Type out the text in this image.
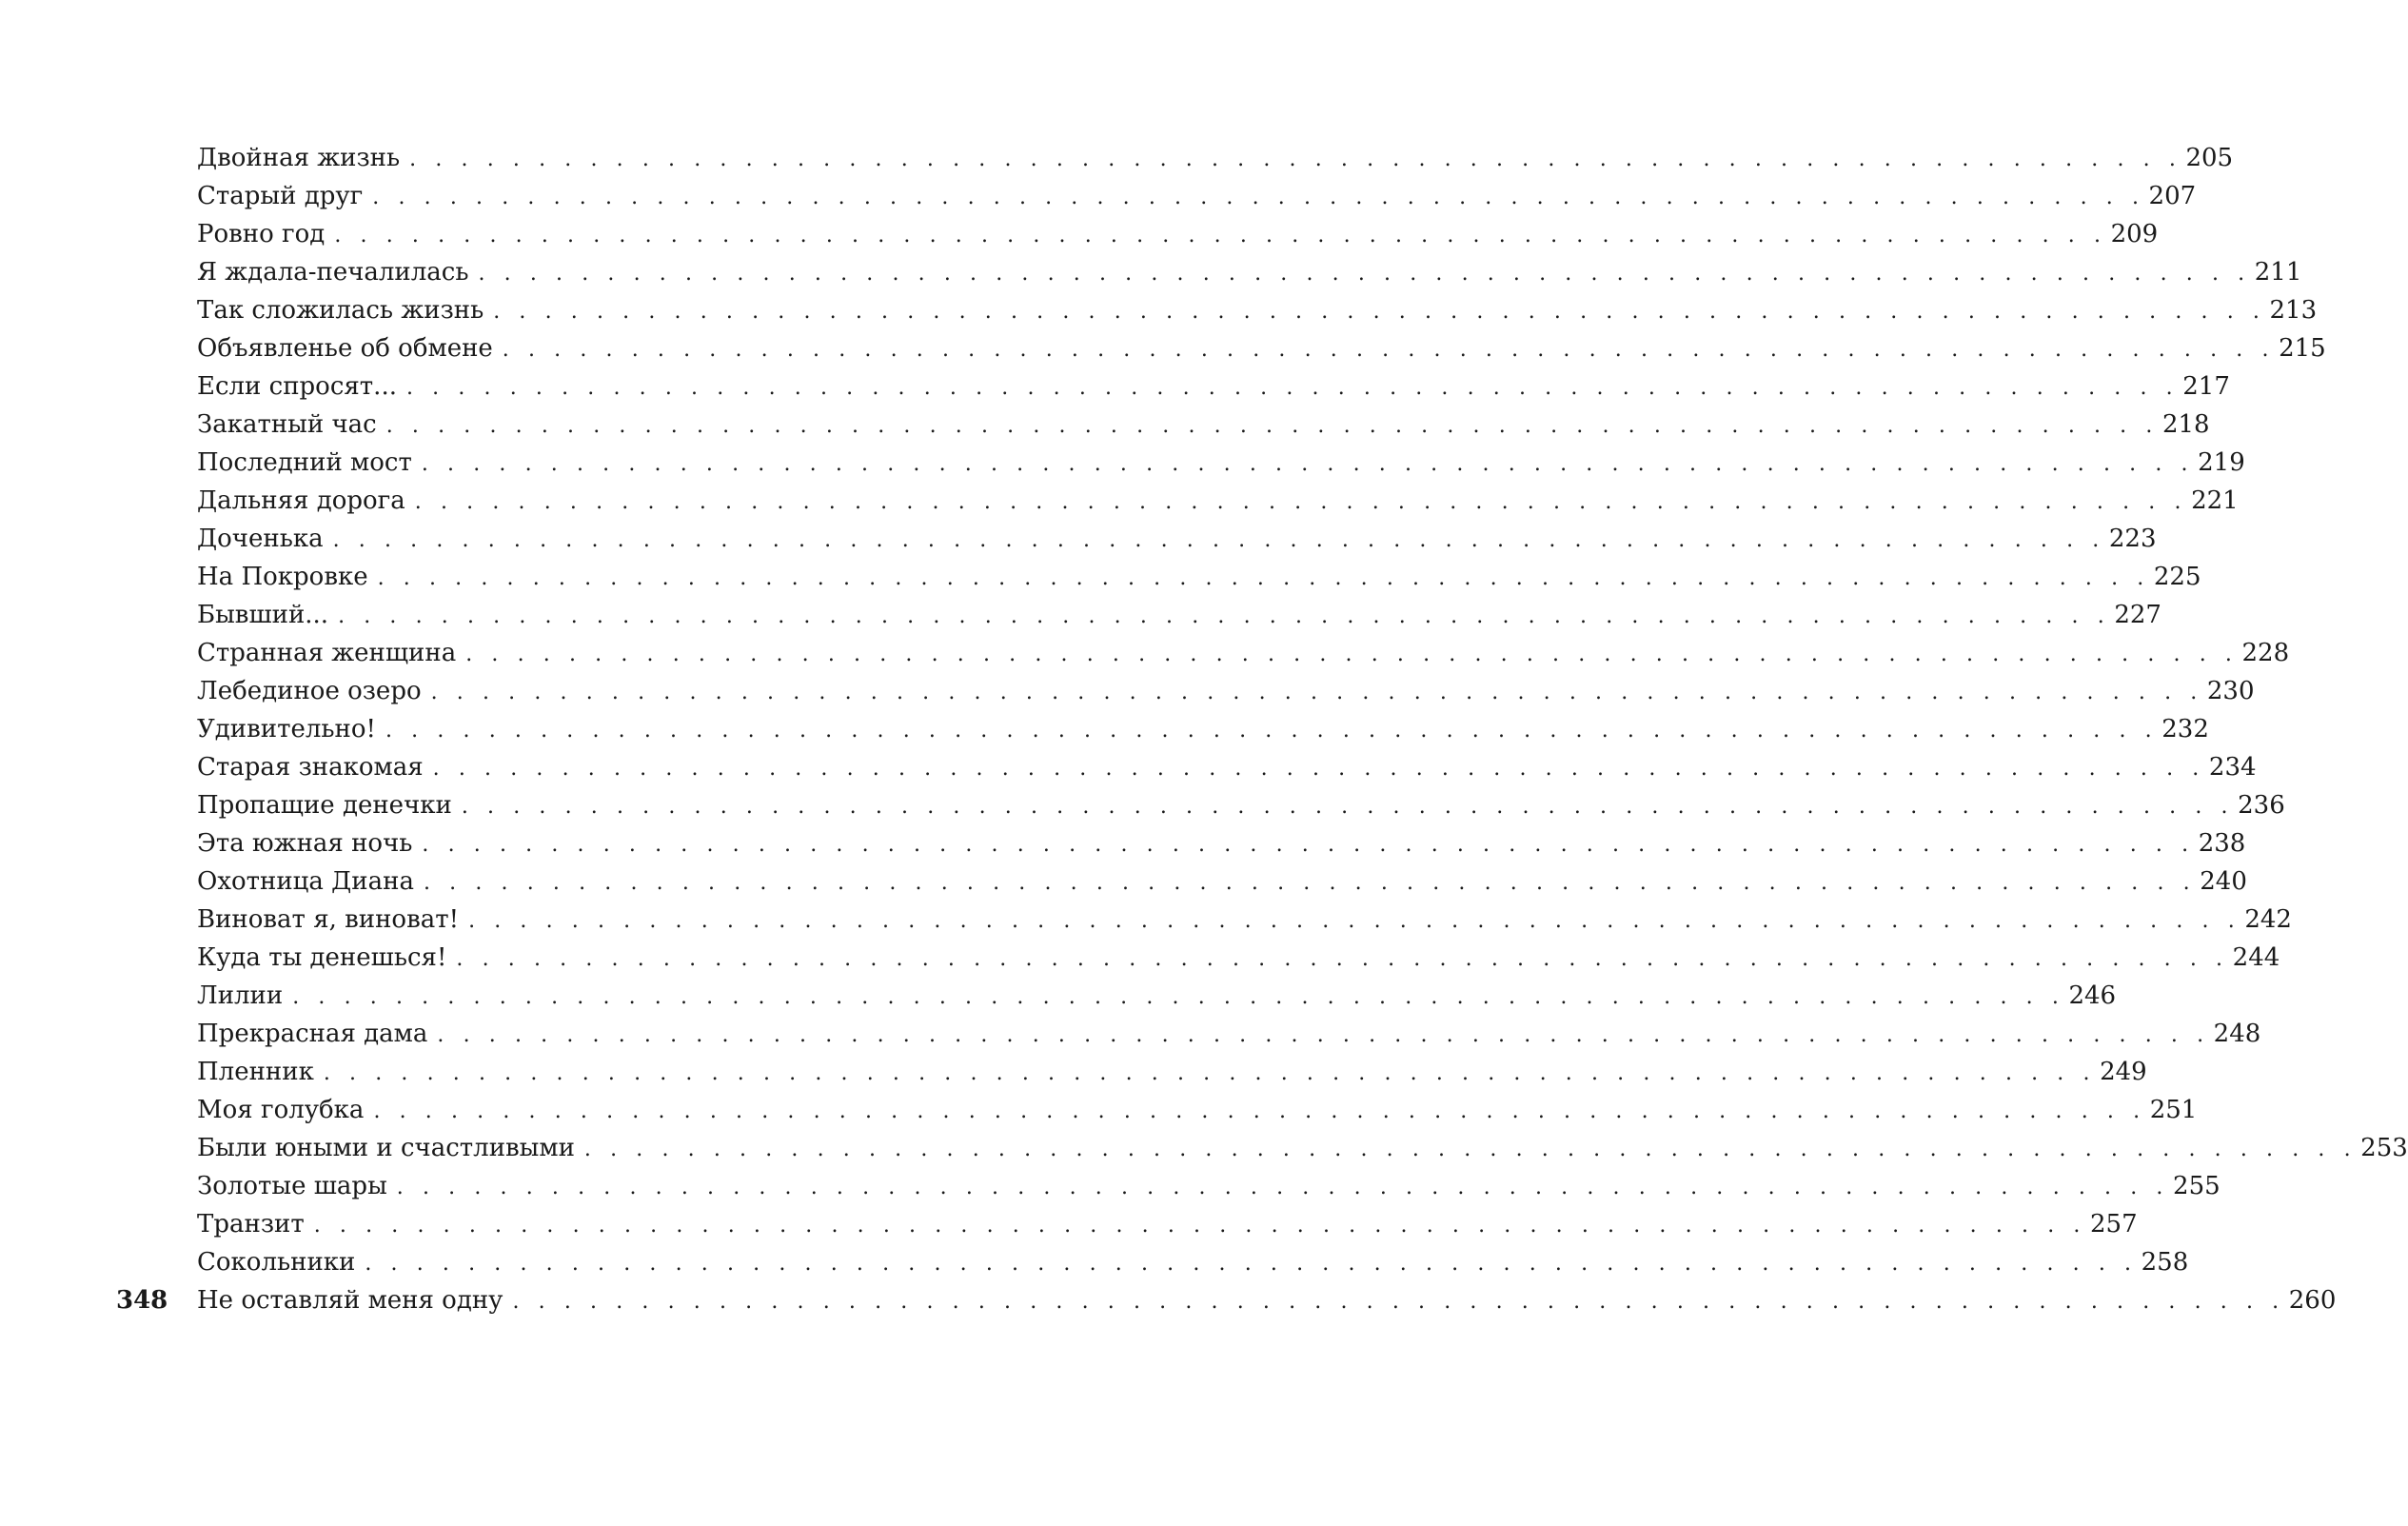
Двойная жизнь . . . . . . . . . . . . . . . . . . . . . . . . . . . . . . . . . . . . . . . . . . . . . . . . . . . . . . . . . . . . . . . . . . . . . 205
Старый друг . . . . . . . . . . . . . . . . . . . . . . . . . . . . . . . . . . . . . . . . . . . . . . . . . . . . . . . . . . . . . . . . . . . . . 207
Ровно год . . . . . . . . . . . . . . . . . . . . . . . . . . . . . . . . . . . . . . . . . . . . . . . . . . . . . . . . . . . . . . . . . . . . . 209
Я ждала-печалилась . . . . . . . . . . . . . . . . . . . . . . . . . . . . . . . . . . . . . . . . . . . . . . . . . . . . . . . . . . . . . . . . . . . . . 211
Так сложилась жизнь . . . . . . . . . . . . . . . . . . . . . . . . . . . . . . . . . . . . . . . . . . . . . . . . . . . . . . . . . . . . . . . . . . . . . 213
Объявленье об обмене . . . . . . . . . . . . . . . . . . . . . . . . . . . . . . . . . . . . . . . . . . . . . . . . . . . . . . . . . . . . . . . . . . . . . 215
Если спросят... . . . . . . . . . . . . . . . . . . . . . . . . . . . . . . . . . . . . . . . . . . . . . . . . . . . . . . . . . . . . . . . . . . . . . 217
Закатный час . . . . . . . . . . . . . . . . . . . . . . . . . . . . . . . . . . . . . . . . . . . . . . . . . . . . . . . . . . . . . . . . . . . . . 218
Последний мост . . . . . . . . . . . . . . . . . . . . . . . . . . . . . . . . . . . . . . . . . . . . . . . . . . . . . . . . . . . . . . . . . . . . . 219
Дальняя дорога . . . . . . . . . . . . . . . . . . . . . . . . . . . . . . . . . . . . . . . . . . . . . . . . . . . . . . . . . . . . . . . . . . . . . 221
Доченька . . . . . . . . . . . . . . . . . . . . . . . . . . . . . . . . . . . . . . . . . . . . . . . . . . . . . . . . . . . . . . . . . . . . . 223
На Покровке . . . . . . . . . . . . . . . . . . . . . . . . . . . . . . . . . . . . . . . . . . . . . . . . . . . . . . . . . . . . . . . . . . . . . 225
Бывший... . . . . . . . . . . . . . . . . . . . . . . . . . . . . . . . . . . . . . . . . . . . . . . . . . . . . . . . . . . . . . . . . . . . . . 227
Странная женщина . . . . . . . . . . . . . . . . . . . . . . . . . . . . . . . . . . . . . . . . . . . . . . . . . . . . . . . . . . . . . . . . . . . . . 228
Лебединое озеро . . . . . . . . . . . . . . . . . . . . . . . . . . . . . . . . . . . . . . . . . . . . . . . . . . . . . . . . . . . . . . . . . . . . . 230
Удивительно! . . . . . . . . . . . . . . . . . . . . . . . . . . . . . . . . . . . . . . . . . . . . . . . . . . . . . . . . . . . . . . . . . . . . . 232
Старая знакомая . . . . . . . . . . . . . . . . . . . . . . . . . . . . . . . . . . . . . . . . . . . . . . . . . . . . . . . . . . . . . . . . . . . . . 234
Пропащие денечки . . . . . . . . . . . . . . . . . . . . . . . . . . . . . . . . . . . . . . . . . . . . . . . . . . . . . . . . . . . . . . . . . . . . . 236
Эта южная ночь . . . . . . . . . . . . . . . . . . . . . . . . . . . . . . . . . . . . . . . . . . . . . . . . . . . . . . . . . . . . . . . . . . . . . 238
Охотница Диана . . . . . . . . . . . . . . . . . . . . . . . . . . . . . . . . . . . . . . . . . . . . . . . . . . . . . . . . . . . . . . . . . . . . . 240
Виноват я, виноват! . . . . . . . . . . . . . . . . . . . . . . . . . . . . . . . . . . . . . . . . . . . . . . . . . . . . . . . . . . . . . . . . . . . . . 242
Куда ты денешься! . . . . . . . . . . . . . . . . . . . . . . . . . . . . . . . . . . . . . . . . . . . . . . . . . . . . . . . . . . . . . . . . . . . . . 244
Лилии . . . . . . . . . . . . . . . . . . . . . . . . . . . . . . . . . . . . . . . . . . . . . . . . . . . . . . . . . . . . . . . . . . . . . 246
Прекрасная дама . . . . . . . . . . . . . . . . . . . . . . . . . . . . . . . . . . . . . . . . . . . . . . . . . . . . . . . . . . . . . . . . . . . . . 248
Пленник . . . . . . . . . . . . . . . . . . . . . . . . . . . . . . . . . . . . . . . . . . . . . . . . . . . . . . . . . . . . . . . . . . . . . 249
Моя голубка . . . . . . . . . . . . . . . . . . . . . . . . . . . . . . . . . . . . . . . . . . . . . . . . . . . . . . . . . . . . . . . . . . . . . 251
Были юными и счастливыми . . . . . . . . . . . . . . . . . . . . . . . . . . . . . . . . . . . . . . . . . . . . . . . . . . . . . . . . . . . . . . . . . . . . . 253
Золотые шары . . . . . . . . . . . . . . . . . . . . . . . . . . . . . . . . . . . . . . . . . . . . . . . . . . . . . . . . . . . . . . . . . . . . . 255
Транзит . . . . . . . . . . . . . . . . . . . . . . . . . . . . . . . . . . . . . . . . . . . . . . . . . . . . . . . . . . . . . . . . . . . . . 257
Сокольники . . . . . . . . . . . . . . . . . . . . . . . . . . . . . . . . . . . . . . . . . . . . . . . . . . . . . . . . . . . . . . . . . . . . . 258
Не оставляй меня одну . . . . . . . . . . . . . . . . . . . . . . . . . . . . . . . . . . . . . . . . . . . . . . . . . . . . . . . . . . . . . . . . . . . . . 260
348
